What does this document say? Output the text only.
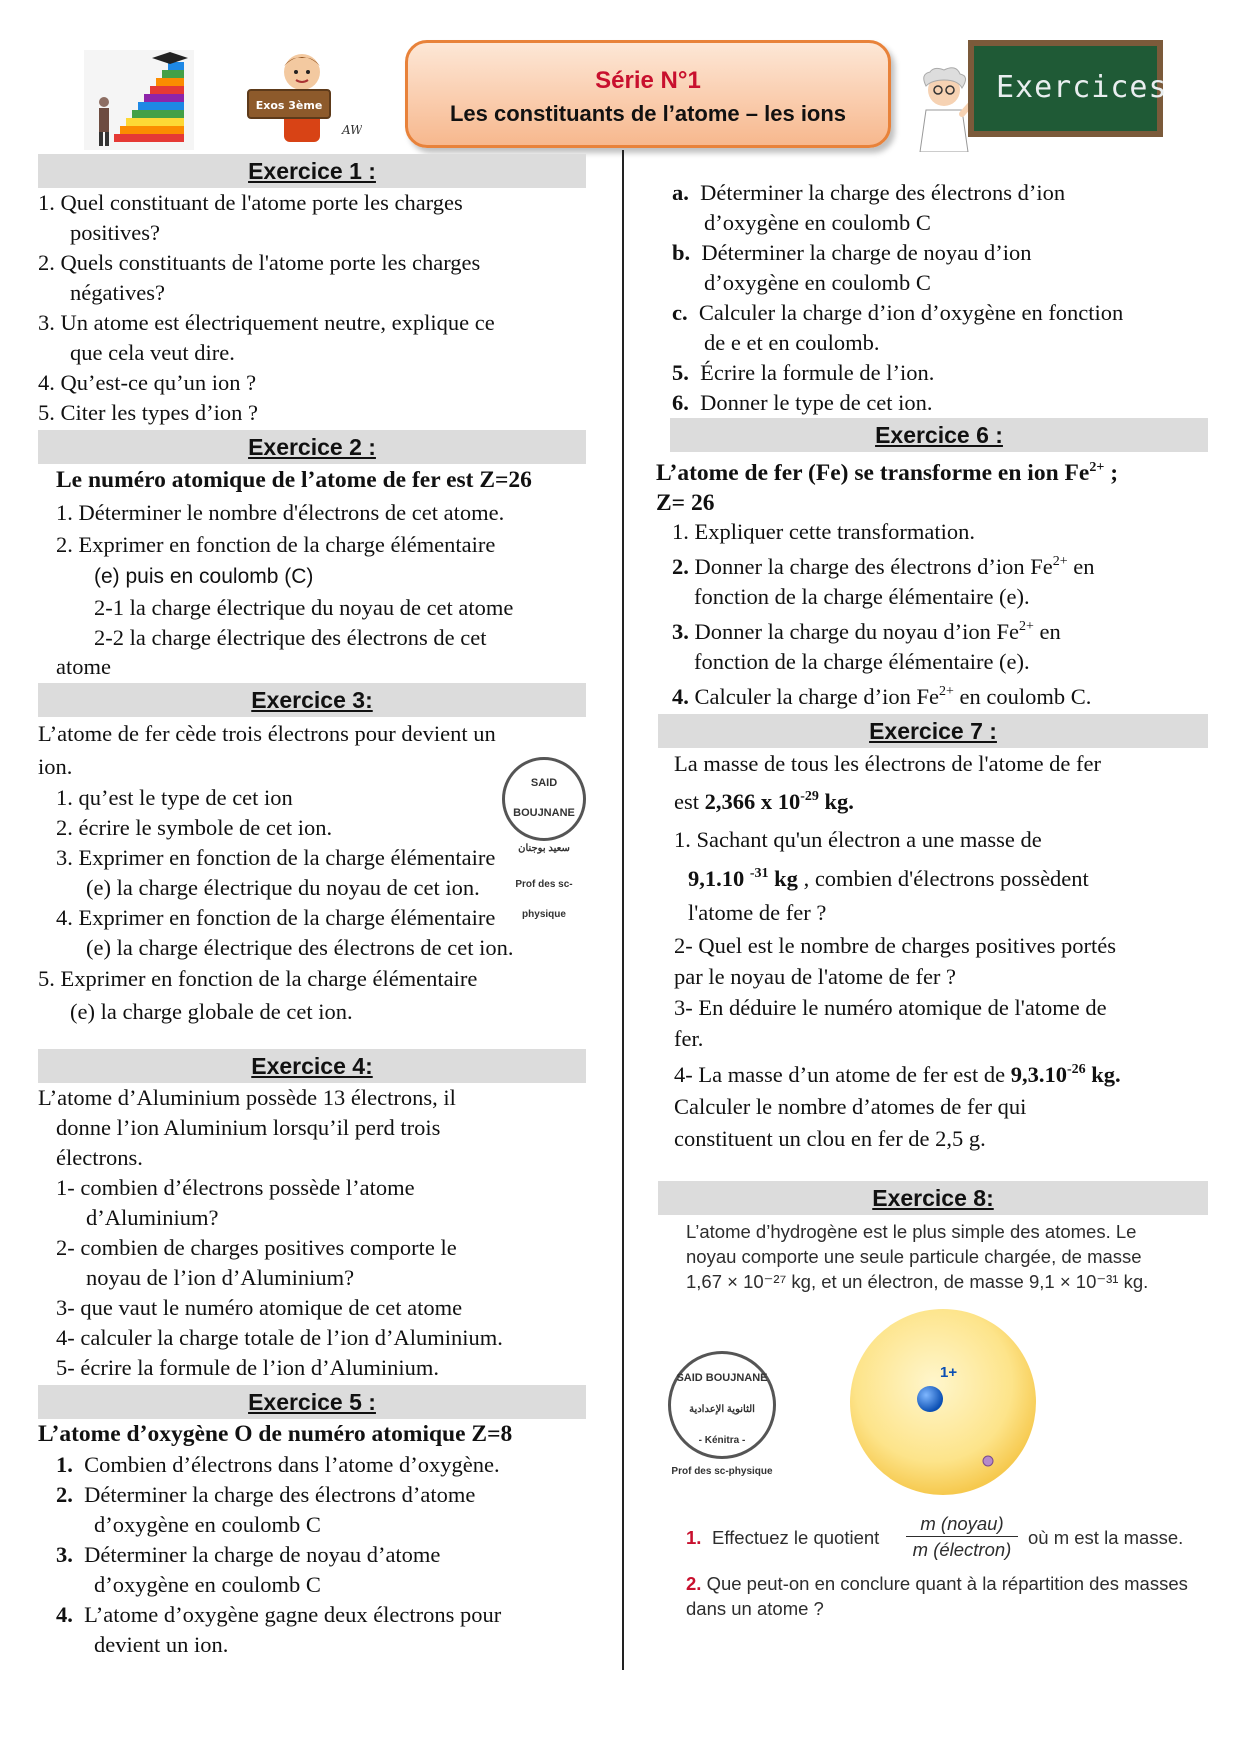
Exos 3ème
AW
Série N°1
Les constituants de l’atome – les ions
Exercices
Exercice 1 :

1. Quel constituant de l'atome porte les charges

positives?

2. Quels constituants de l'atome porte les charges

négatives?

3. Un atome est électriquement neutre, explique ce

que cela veut dire.

4. Qu’est-ce qu’un ion ?

5. Citer les types d’ion ?

Exercice 2 :

Le numéro atomique de l’atome de fer est Z=26

1. Déterminer le nombre d'électrons de cet atome.

2. Exprimer en fonction de la charge élémentaire

(e) puis en coulomb (C)

2-1 la charge électrique du noyau de cet atome

2-2 la charge électrique des électrons de cet

atome

Exercice 3:

L’atome de fer cède trois électrons pour devient un

ion.

1. qu’est le type de cet ion

2. écrire le symbole de cet ion.

3. Exprimer en fonction de la charge élémentaire

(e) la charge électrique du noyau de cet ion.

4. Exprimer en fonction de la charge élémentaire

(e) la charge électrique des électrons de cet ion.

5. Exprimer en fonction de la charge élémentaire

(e) la charge globale de cet ion.

SAID BOUJNANE
سعيد بوجنان
Prof des sc-physique
Exercice 4:

L’atome d’Aluminium possède 13 électrons, il

donne l’ion Aluminium lorsqu’il perd trois

électrons.

1- combien d’électrons possède l’atome

d’Aluminium?

2- combien de charges positives comporte le

noyau de l’ion d’Aluminium?

3- que vaut le numéro atomique de cet atome

4- calculer la charge totale de l’ion d’Aluminium.

5- écrire la formule de l’ion d’Aluminium.

Exercice 5 :

L’atome d’oxygène O de numéro atomique Z=8

1. Combien d’électrons dans l’atome d’oxygène.

2. Déterminer la charge des électrons d’atome

d’oxygène en coulomb C

3. Déterminer la charge de noyau d’atome

d’oxygène en coulomb C

4. L’atome d’oxygène gagne deux électrons pour

devient un ion.

a. Déterminer la charge des électrons d’ion

d’oxygène en coulomb C

b. Déterminer la charge de noyau d’ion

d’oxygène en coulomb C

c. Calculer la charge d’ion d’oxygène en fonction

de e et en coulomb.

5.  Écrire la formule de l’ion.

6.  Donner le type de cet ion.

Exercice 6 :

L’atome de fer (Fe) se transforme en ion $Fe^{2+}$ ;

Z= 26

1. Expliquer cette transformation.

2. Donner la charge des électrons d’ion $Fe^{2+}$ en

fonction de la charge élémentaire (e).

3. Donner la charge du noyau d’ion $Fe^{2+}$ en

fonction de la charge élémentaire (e).

4. Calculer la charge d’ion $Fe^{2+}$ en coulomb C.

Exercice 7 :

La masse de tous les électrons de l'atome de fer

est 2,366 x $10^{-29}$ kg.

1. Sachant qu'un électron a une masse de

9,1.10 $^{-31}$ kg , combien d'électrons possèdent

l'atome de fer ?

2- Quel est le nombre de charges positives portés

par le noyau de l'atome de fer ?

3- En déduire le numéro atomique de l'atome de

fer.

4- La masse d’un atome de fer est de $9,3.10^{-26}$ kg.

Calculer le nombre d’atomes de fer qui

constituent un clou en fer de 2,5 g.

Exercice 8:

L’atome d’hydrogène est le plus simple des atomes. Le

noyau comporte une seule particule chargée, de masse

1,67 × 10⁻²⁷ kg, et un électron, de masse 9,1 × 10⁻³¹ kg.

1+
SAID BOUJNANE
الثانوية الإعدادية
- Kénitra -
Prof des sc-physique
1. Effectuez le quotient
m (noyau)
m (électron)
où m est la masse.

2. Que peut-on en conclure quant à la répartition des masses

dans un atome ?
